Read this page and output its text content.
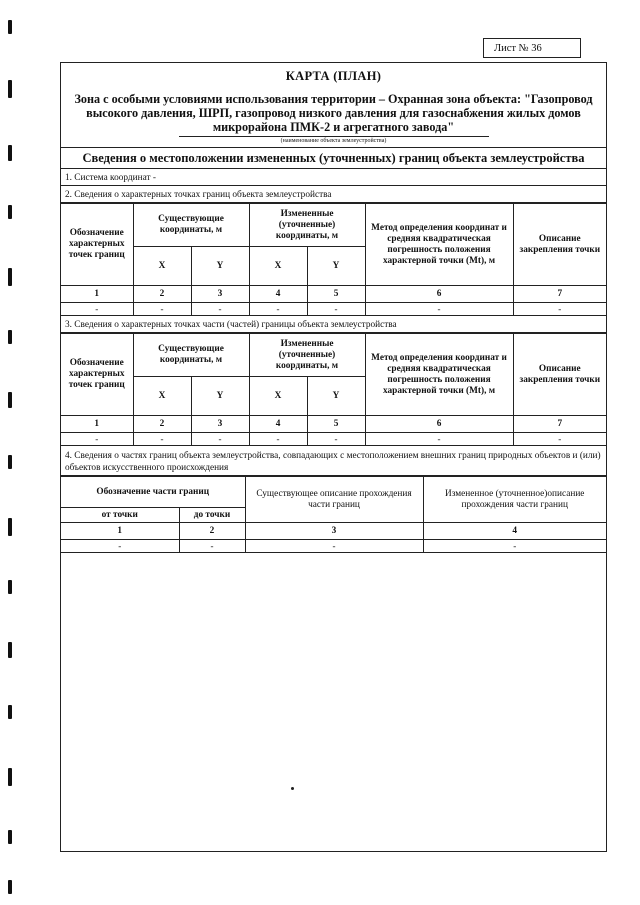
Лист № 36
КАРТА (ПЛАН)
Зона с особыми условиями использования территории – Охранная зона объекта: "Газопровод высокого давления, ШРП, газопровод низкого давления для газоснабжения жилых домов микрорайона ПМК-2 и агрегатного завода"
(наименование объекта землеустройства)
Сведения о местоположении измененных (уточненных) границ объекта землеустройства
1. Система координат -
2. Сведения о характерных точках границ объекта землеустройства
Обозначение характерных точек границ	Существующие координаты, м		Измененные (уточненные) координаты, м		Метод определения координат и средняя квадратическая погрешность положения характерной точки (Mt), м	Описание закрепления точки
	X	Y	X	Y		
1	2	3	4	5	6	7
-	-	-	-	-	-	-
3. Сведения о характерных точках части (частей) границы объекта землеустройства
Обозначение характерных точек границ	Существующие координаты, м		Измененные (уточненные) координаты, м		Метод определения координат и средняя квадратическая погрешность положения характерной точки (Mt), м	Описание закрепления точки
	X	Y	X	Y		
1	2	3	4	5	6	7
-	-	-	-	-	-	-
4. Сведения о частях границ объекта землеустройства, совпадающих с местоположением внешних границ природных объектов и (или) объектов искусственного происхождения
Обозначение части границ		Существующее описание прохождения части границ	Измененное (уточненное)описание прохождения части границ
от точки	до точки		
1	2	3	4
-	-	-	-
